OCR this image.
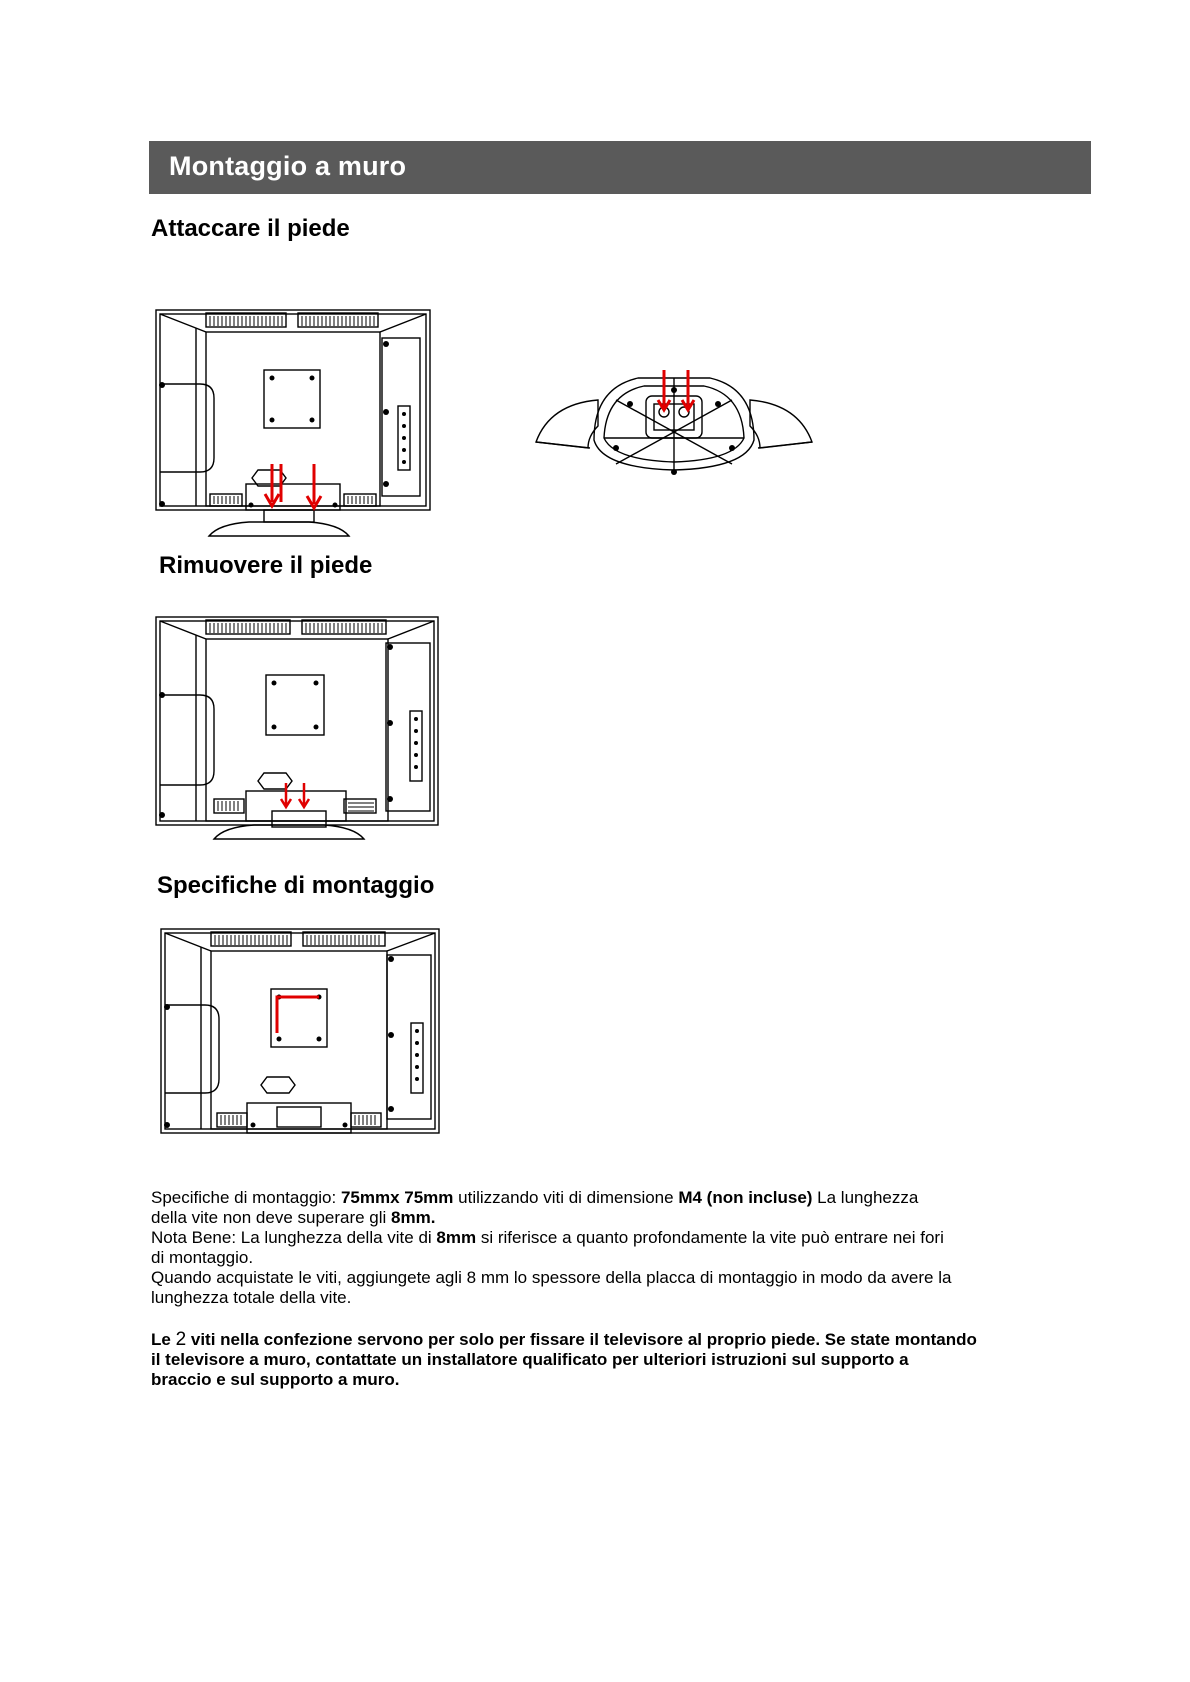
Montaggio a muro
Attaccare il piede
Rimuovere il piede
Specifiche di montaggio
Specifiche di montaggio: 75mmx 75mm utilizzando viti di dimensione M4 (non incluse) La lunghezza
della vite non deve superare gli 8mm.
Nota Bene: La lunghezza della vite di 8mm si riferisce a quanto profondamente la vite può entrare nei fori
di montaggio.
Quando acquistate le viti, aggiungete agli 8 mm lo spessore della placca di montaggio in modo da avere la
lunghezza totale della vite.
Le 2 viti nella confezione servono per solo per fissare il televisore al proprio piede. Se state montando
il televisore a muro, contattate un installatore qualificato per ulteriori istruzioni sul supporto a
braccio e sul supporto a muro.
